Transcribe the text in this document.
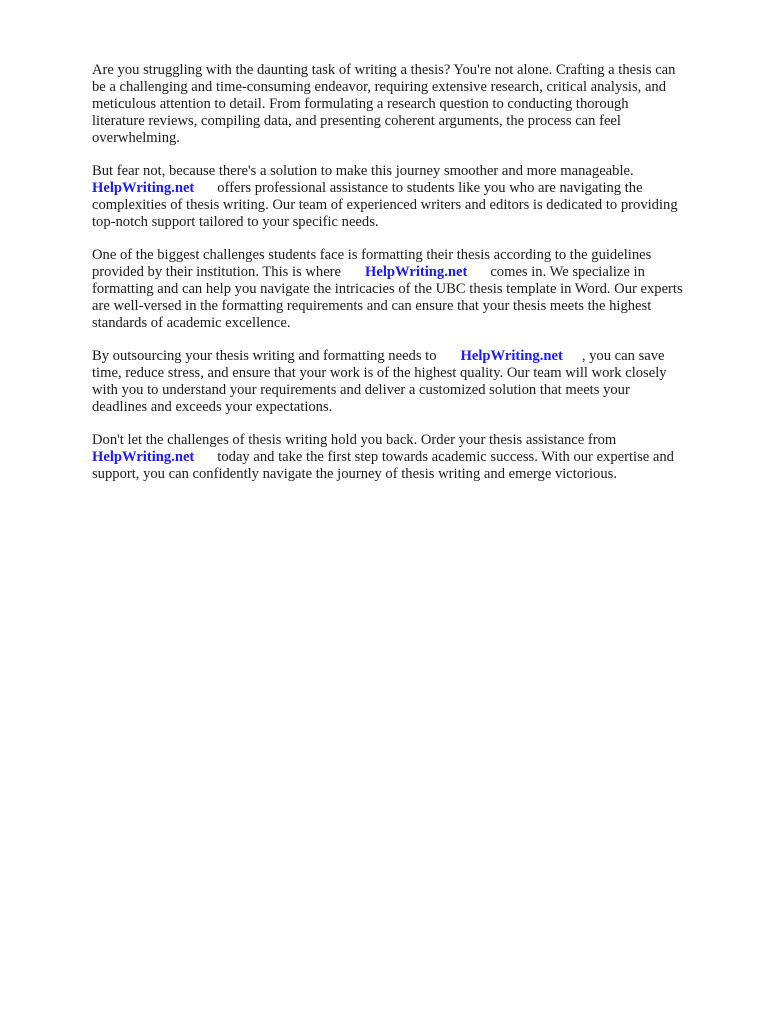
Are you struggling with the daunting task of writing a thesis? You're not alone. Crafting a thesis can

be a challenging and time-consuming endeavor, requiring extensive research, critical analysis, and

meticulous attention to detail. From formulating a research question to conducting thorough

literature reviews, compiling data, and presenting coherent arguments, the process can feel

overwhelming.

But fear not, because there's a solution to make this journey smoother and more manageable.

HelpWriting.net offers professional assistance to students like you who are navigating the

complexities of thesis writing. Our team of experienced writers and editors is dedicated to providing

top-notch support tailored to your specific needs.

One of the biggest challenges students face is formatting their thesis according to the guidelines

provided by their institution. This is where HelpWriting.net comes in. We specialize in

formatting and can help you navigate the intricacies of the UBC thesis template in Word. Our experts

are well-versed in the formatting requirements and can ensure that your thesis meets the highest

standards of academic excellence.

By outsourcing your thesis writing and formatting needs to HelpWriting.net , you can save

time, reduce stress, and ensure that your work is of the highest quality. Our team will work closely

with you to understand your requirements and deliver a customized solution that meets your

deadlines and exceeds your expectations.

Don't let the challenges of thesis writing hold you back. Order your thesis assistance from

HelpWriting.net today and take the first step towards academic success. With our expertise and

support, you can confidently navigate the journey of thesis writing and emerge victorious.
